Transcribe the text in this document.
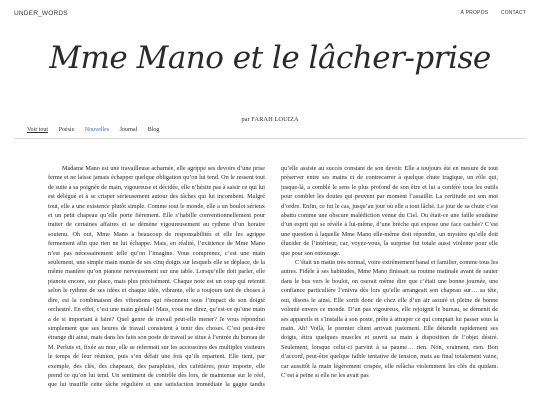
UNDER_WORDS	À PROPOS	CONTACT
Mme Mano et le lâcher-prise
par FARAH LOUIZA
Voir tout Poésie Nouvelles Journal Blog

Madame Mano est une travailleuse acharnée, elle agrippe ses devoirs d’une prise ferme et ne laisse jamais échapper quelque obligation qu’on lui tend. On le ressent tout de suite à sa poignée de main, vigoureuse et décidée, elle n’hésite pas à saisir ce qui lui est délégué et à se crisper sérieusement autour des tâches qui lui incombent. Malgré tout, elle a une existence plutôt simple. Comme tout le monde, elle a un boulot sérieux et un petit chapeau qu’elle porte fièrement. Elle s’habille conventionnellement pour traiter de certaines affaires et se démène vigoureusement au rythme d’un horaire soutenu. Oh oui, Mme Mano a beaucoup de responsabilités et elle les agrippe fermement afin que rien ne lui échappe. Mais, en réalité, l’existence de Mme Mano n’est pas nécessairement telle qu’on l’imagine. Vous comprenez, c’est une main seulement, une simple main munie de ses cinq doigts sur lesquels elle se déplace, de la même manière qu’on pianote nerveusement sur une table. Lorsqu’elle doit parler, elle pianote encore, sur place, mais plus précisément. Chaque note est un coup qui retentit selon le rythme de ses idées et chaque idée, vibrante, elle a toujours tant de choses à dire, est la combinaison des vibrations qui résonnent sous l’impact de son doigté orchestré. En effet, c’est une main géniale! Mais, vous me direz, qu’est-ce qu’une main a de si important à faire? Quel genre de travail peut-elle mener? Je vous répondrai simplement que ses heures de travail consistent à tenir des choses. C’est peut-être étrange dit ainsi, mais dans les faits son poste de travail se situe à l’entrée du bureau de M. Perluis et, fixée au mur, elle se refermait sur les accessoires des multiples visiteurs le temps de leur réunion, puis s’en défait une fois qu’ils repartent. Elle tient, par exemple, des clés, des chapeaux, des parapluies, des cafétières, pour importe, elle prend ce qu’on lui tend. Un sentiment de contrôle dès lors, de maintenue sur le réel, que lui insuffle cette tâche régulière et une satisfaction immédiate la gagne tandis qu’elle assiste au succès constant de son devoir. Elle a toujours été en mesure de tout préserver entre ses mains et de contrecarrer à quelque chute tragique, un rôle qui, jusque-là, a comblé le sens le plus profond de son être et lui a conféré tous les outils pour combler les doutes qui peuvent par moment l’assaillir. La certitude est son mot d’ordre. Enfin, ce fut le cas, jusqu’au jour où elle a tout lâché. Le jour de sa chute c’est abattu comme une obscure malédiction venue du Ciel. Ou était-ce une faille soudaine d’un esprit qui se révèle à lui-même, d’une brèche qui expose une face cachée? C’est une question à laquelle Mme Mano elle-même doit répondre, un mystère qu’elle doit élucider de l’intérieur, car, voyez-vous, la surprise fut totale aussi violente pour elle que pour son entourage.

C’était un matin très normal, voire extrêmement banal et familier, comme tous les autres. Fidèle à ses habitudes, Mme Mano finissait sa routine matinale avant de sauter dans le bus vers le boulot, on oserait même dire que c’était une bonne journée, une confiance particulière l’enivra dès lors qu’elle arrangeait son chapeau sur… sa tête, oui, disons le ainsi. Elle sortit donc de chez elle d’un air assuré et pleine de bonne volonté envers ce monde. D’un pas vigoureux, elle rejoignit le bureau, se démenit de ses appareils et s’installa à son poste, prête à attraper ce qui comptait lui passer sous la main. Ah! Voilà, le premier client arrivait justement. Elle détendit rapidement ses doigts, étira quelques muscles et ouvrit sa main à disposition de l’objet désiré. Seulement, lorsque celui-ci parvint à sa paume… rien. Non, vraiment, rien. Bon d’accord, peut-être quelque faible tentative de tension, mais au final totalement vaine, car aussitôt la main légèrement crispée, elle relâcha violemment les clés du quidam. C’est à peine si elle ne les avait pas
